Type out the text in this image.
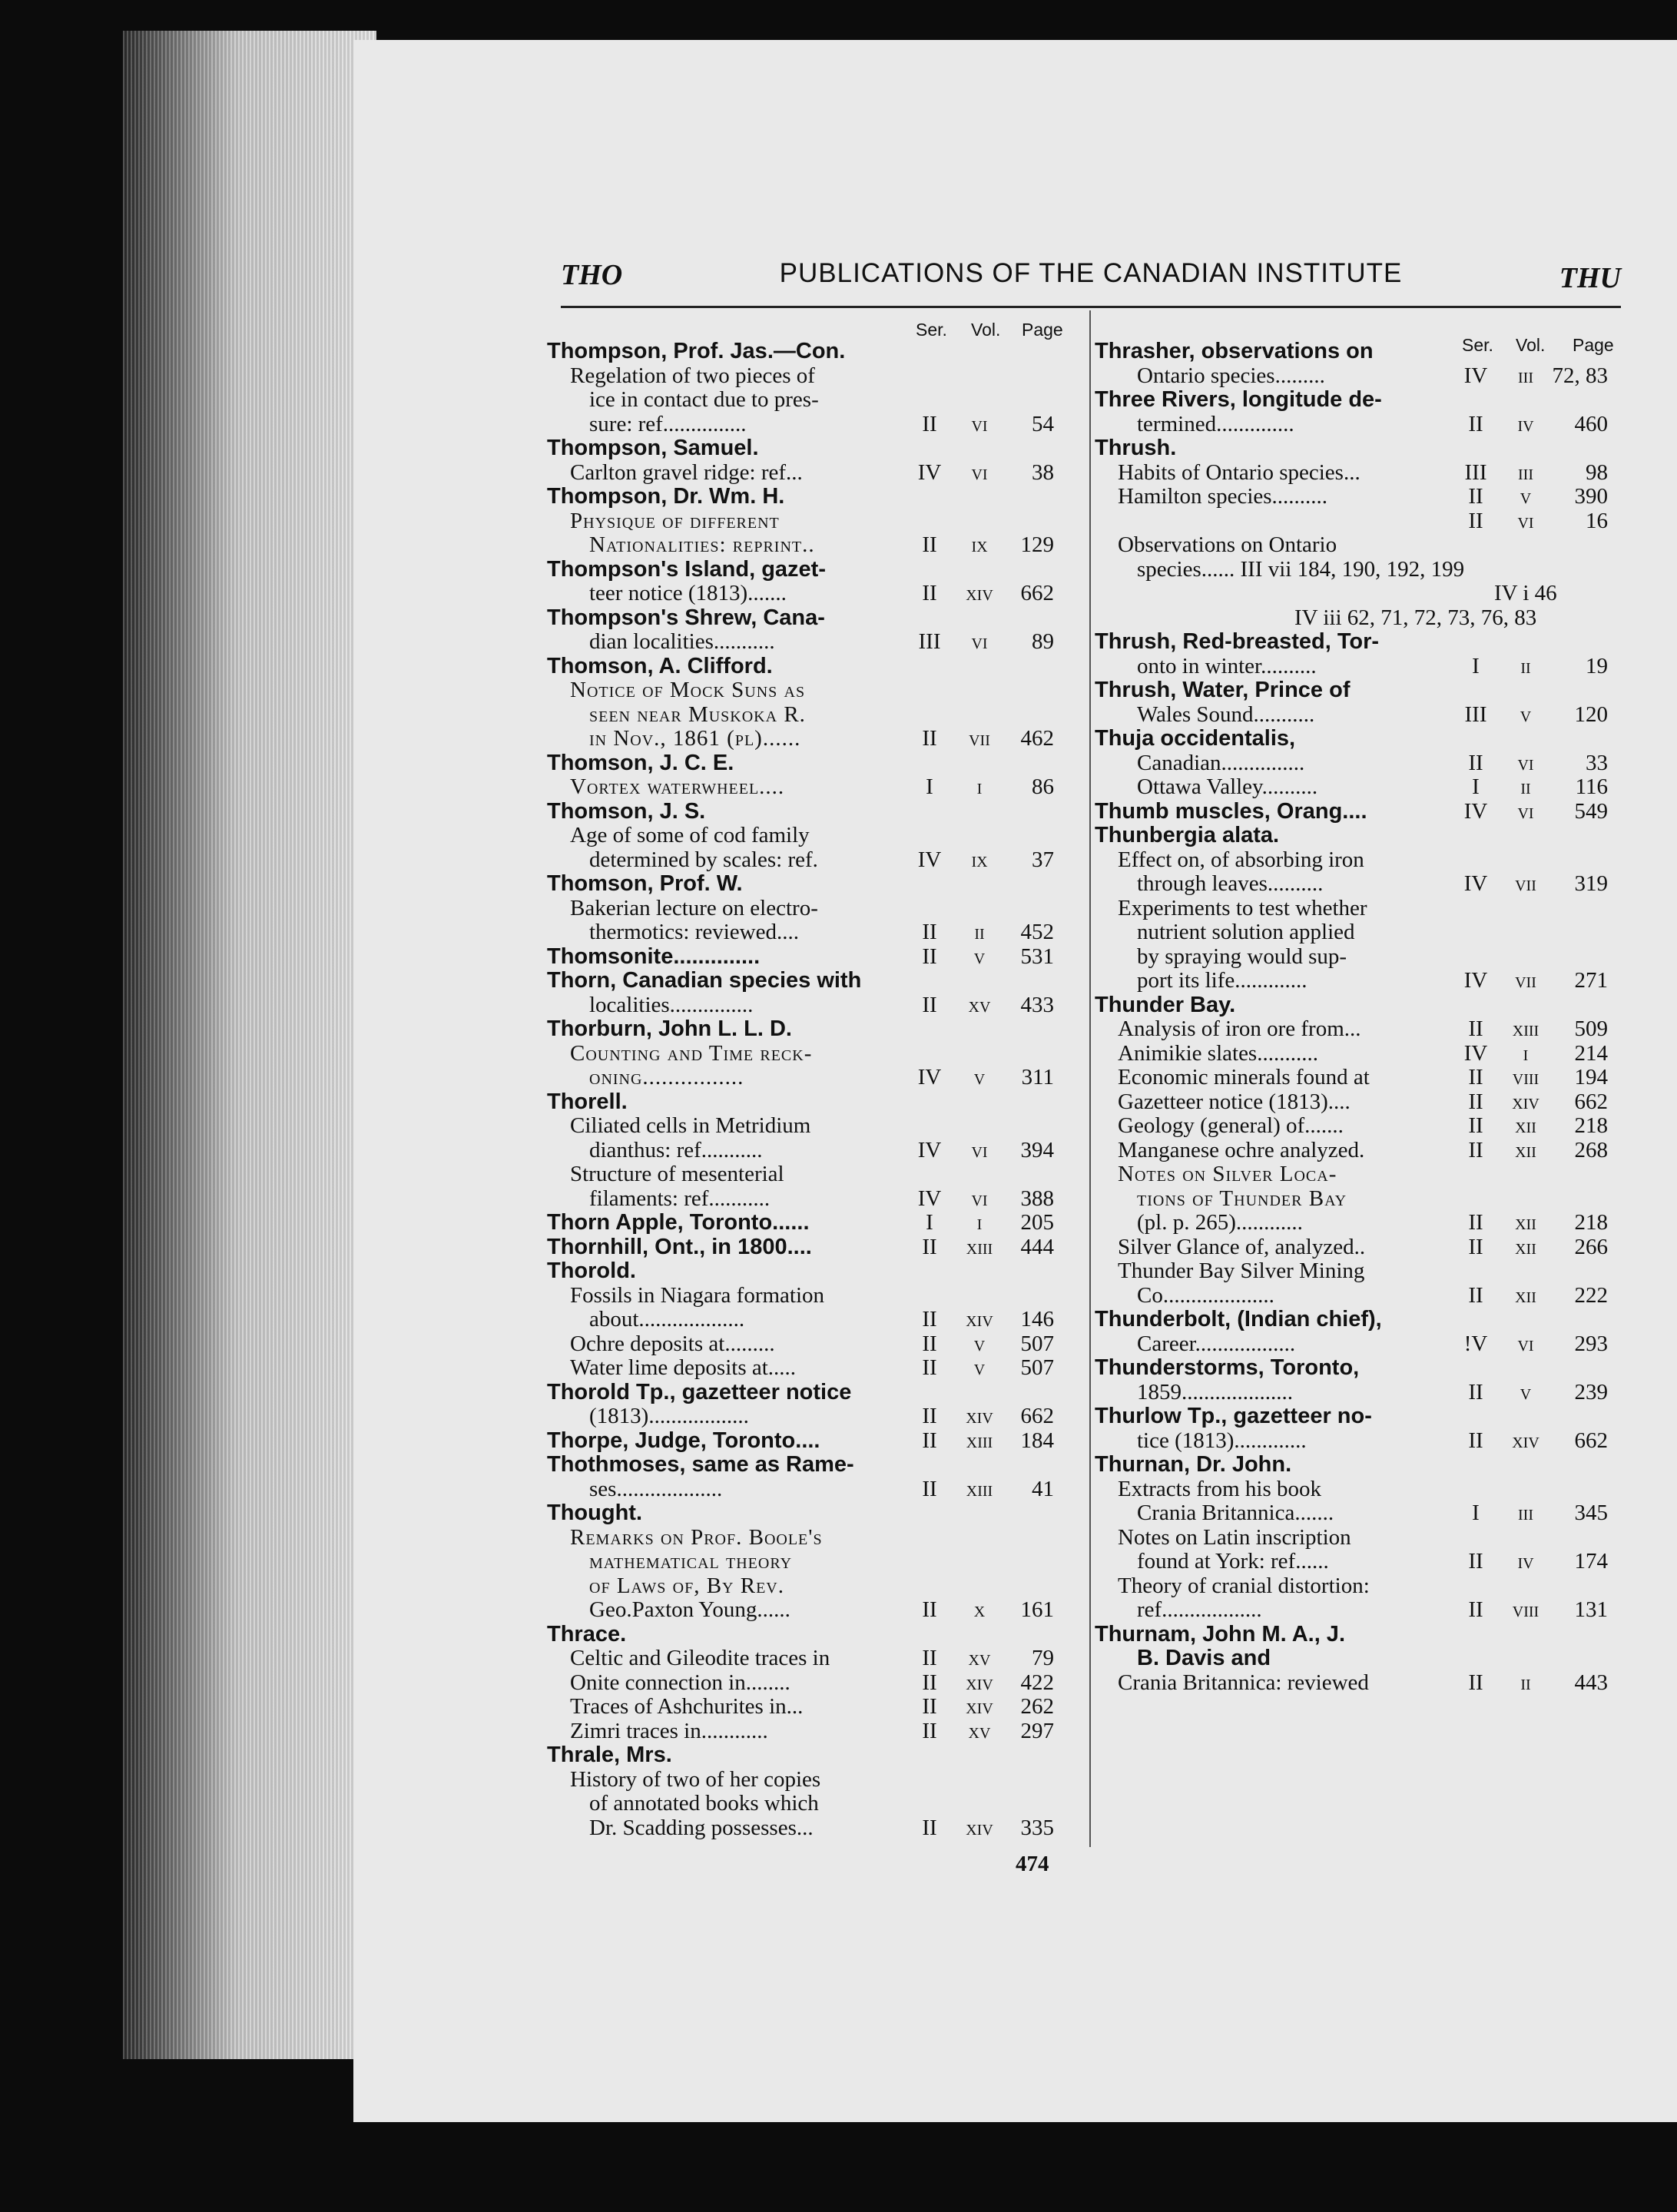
THO	PUBLICATIONS OF THE CANADIAN INSTITUTE	THU
Ser. Vol. Page
Thompson, Prof. Jas.—Con.
Regelation of two pieces of
ice in contact due to pres-
sure: ref...............	II	vi	54
Thompson, Samuel.
Carlton gravel ridge: ref...	IV	vi	38
Thompson, Dr. Wm. H.
Physique of different
Nationalities: reprint..	II	ix	129
Thompson's Island, gazet-
teer notice (1813).......	II	xiv	662
Thompson's Shrew, Cana-
dian localities...........	III	vi	89
Thomson, A. Clifford.
Notice of Mock Suns as
seen near Muskoka R.
in Nov., 1861 (pl)......	II	vii	462
Thomson, J. C. E.
Vortex waterwheel....	I	i	86
Thomson, J. S.
Age of some of cod family
determined by scales: ref.	IV	ix	37
Thomson, Prof. W.
Bakerian lecture on electro-
thermotics: reviewed....	II	ii	452
Thomsonite..............	II	v	531
Thorn, Canadian species with
localities...............	II	xv	433
Thorburn, John L. L. D.
Counting and Time reck-
oning................	IV	v	311
Thorell.
Ciliated cells in Metridium
dianthus: ref...........	IV	vi	394
Structure of mesenterial
filaments: ref...........	IV	vi	388
Thorn Apple, Toronto......	I	i	205
Thornhill, Ont., in 1800....	II	xiii	444
Thorold.
Fossils in Niagara formation
about...................	II	xiv	146
Ochre deposits at.........	II	v	507
Water lime deposits at.....	II	v	507
Thorold Tp., gazetteer notice
(1813)..................	II	xiv	662
Thorpe, Judge, Toronto....	II	xiii	184
Thothmoses, same as Rame-
ses...................	II	xiii	41
Thought.
Remarks on Prof. Boole's
mathematical theory
of Laws of, By Rev.
Geo.Paxton Young......	II	x	161
Thrace.
Celtic and Gileodite traces in	II	xv	79
Onite connection in........	II	xiv	422
Traces of Ashchurites in...	II	xiv	262
Zimri traces in............	II	xv	297
Thrale, Mrs.
History of two of her copies
of annotated books which
Dr. Scadding possesses...	II	xiv	335
Ser. Vol. Page
Thrasher, observations on
Ontario species.........	IV	iii 72, 83
Three Rivers, longitude de-
termined..............	II	iv	460
Thrush.
Habits of Ontario species...	III	iii	98
Hamilton species..........	II	v	390
II	vi	16
Observations on Ontario
species...... III vii 184, 190, 192, 199
IV i 46
IV iii 62, 71, 72, 73, 76, 83
Thrush, Red-breasted, Tor-
onto in winter..........	I	ii	19
Thrush, Water, Prince of
Wales Sound...........	III	v	120
Thuja occidentalis,
Canadian...............	II	vi	33
Ottawa Valley..........	I	ii	116
Thumb muscles, Orang....	IV	vi	549
Thunbergia alata.
Effect on, of absorbing iron
through leaves..........	IV	vii	319
Experiments to test whether
nutrient solution applied
by spraying would sup-
port its life.............	IV	vii	271
Thunder Bay.
Analysis of iron ore from...	II	xiii	509
Animikie slates...........	IV	i	214
Economic minerals found at	II	viii	194
Gazetteer notice (1813)....	II	xiv	662
Geology (general) of.......	II	xii	218
Manganese ochre analyzed.	II	xii	268
Notes on Silver Loca-
tions of Thunder Bay
(pl. p. 265)............	II	xii	218
Silver Glance of, analyzed..	II	xii	266
Thunder Bay Silver Mining
Co....................	II	xii	222
Thunderbolt, (Indian chief),
Career..................	!V	vi	293
Thunderstorms, Toronto,
1859....................	II	v	239
Thurlow Tp., gazetteer no-
tice (1813).............	II	xiv	662
Thurnan, Dr. John.
Extracts from his book
Crania Britannica.......	I	iii	345
Notes on Latin inscription
found at York: ref......	II	iv	174
Theory of cranial distortion:
ref..................	II	viii	131
Thurnam, John M. A., J.
B. Davis and
Crania Britannica: reviewed	II	ii	443
474
